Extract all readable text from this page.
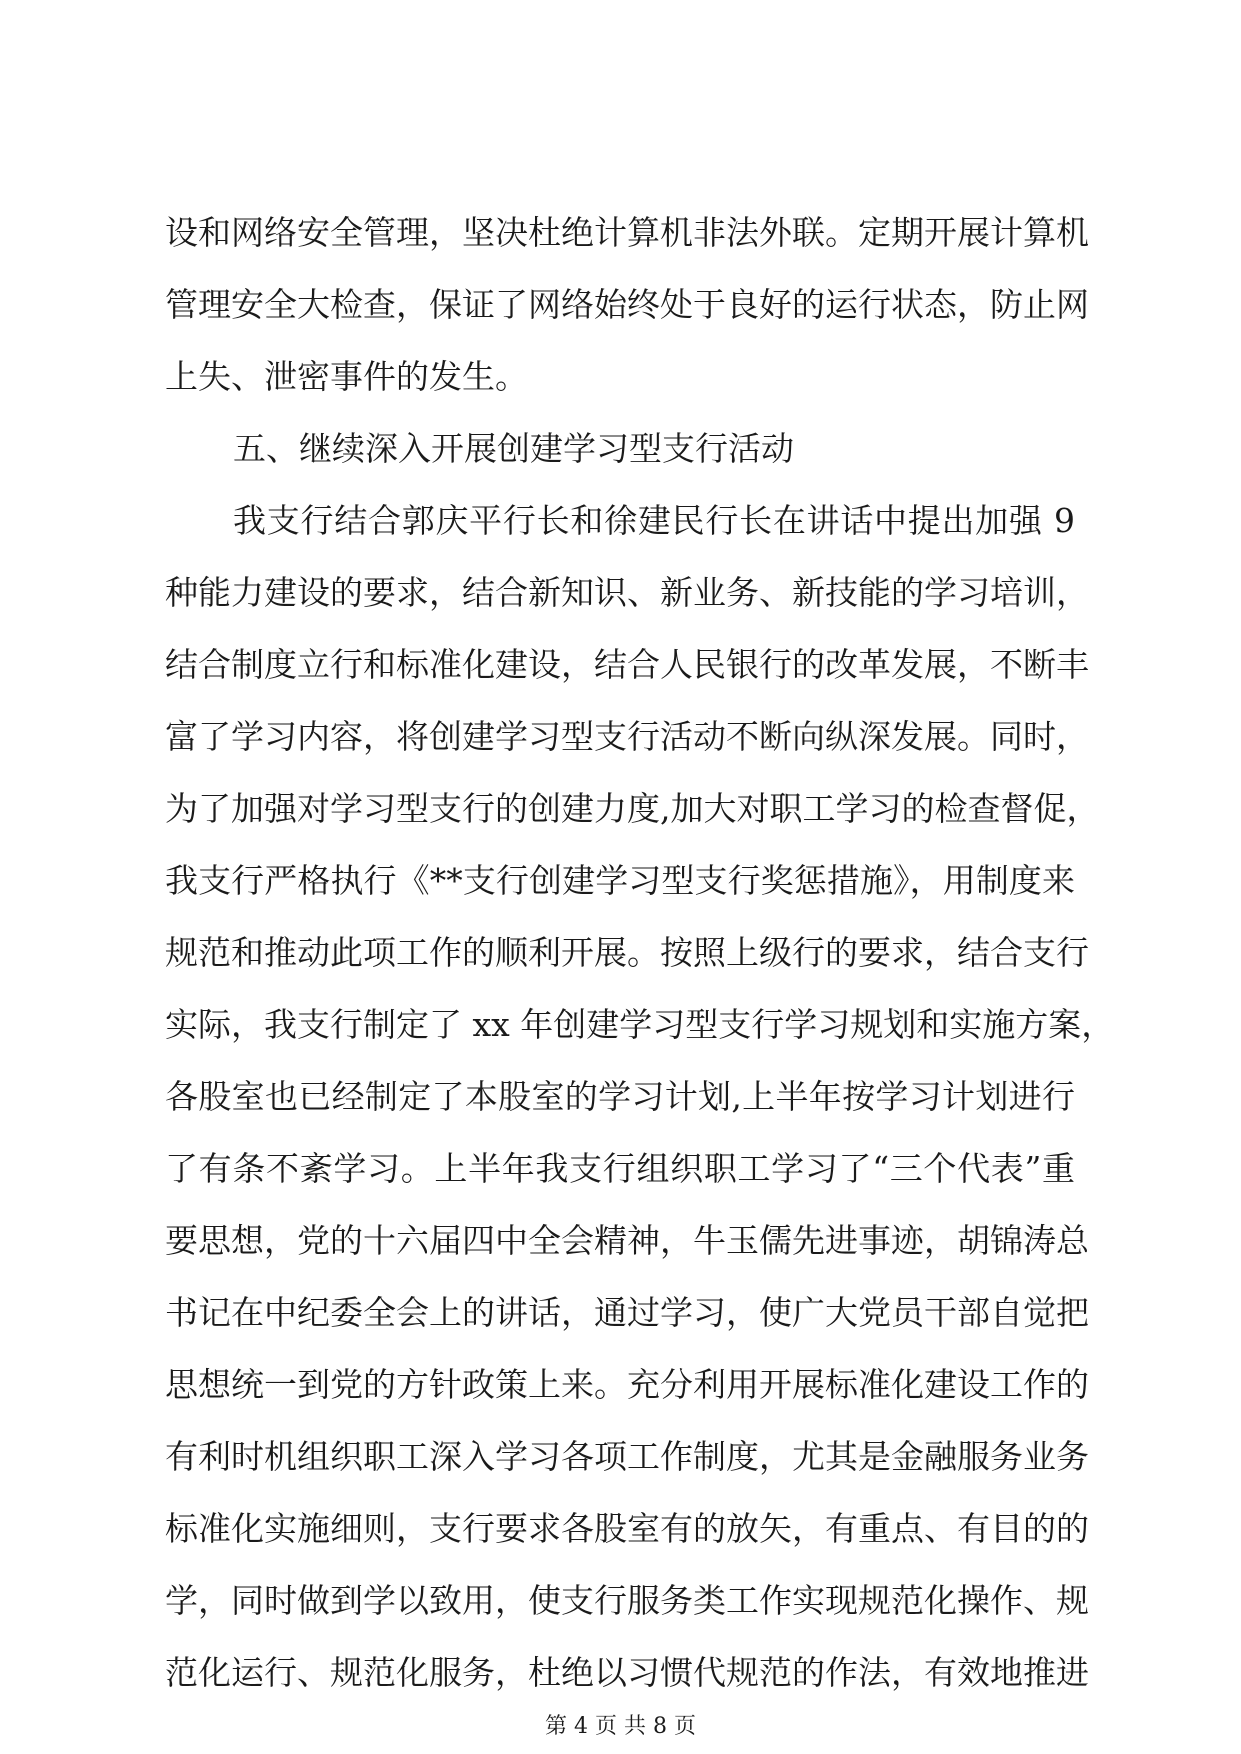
设和网络安全管理，坚决杜绝计算机非法外联。定期开展计算机
管理安全大检查，保证了网络始终处于良好的运行状态，防止网
上失、泄密事件的发生。
五、继续深入开展创建学习型支行活动
我支行结合郭庆平行长和徐建民行长在讲话中提出加强 9
种能力建设的要求，结合新知识、新业务、新技能的学习培训，
结合制度立行和标准化建设，结合人民银行的改革发展，不断丰
富了学习内容，将创建学习型支行活动不断向纵深发展。同时，
为了加强对学习型支行的创建力度,加大对职工学习的检查督促，
我支行严格执行《**支行创建学习型支行奖惩措施》，用制度来
规范和推动此项工作的顺利开展。按照上级行的要求，结合支行
实际，我支行制定了 xx 年创建学习型支行学习规划和实施方案，
各股室也已经制定了本股室的学习计划,上半年按学习计划进行
了有条不紊学习。上半年我支行组织职工学习了“三个代表”重
要思想，党的十六届四中全会精神，牛玉儒先进事迹，胡锦涛总
书记在中纪委全会上的讲话，通过学习，使广大党员干部自觉把
思想统一到党的方针政策上来。充分利用开展标准化建设工作的
有利时机组织职工深入学习各项工作制度，尤其是金融服务业务
标准化实施细则，支行要求各股室有的放矢，有重点、有目的的
学，同时做到学以致用，使支行服务类工作实现规范化操作、规
范化运行、规范化服务，杜绝以习惯代规范的作法，有效地推进
第 4 页 共 8 页
